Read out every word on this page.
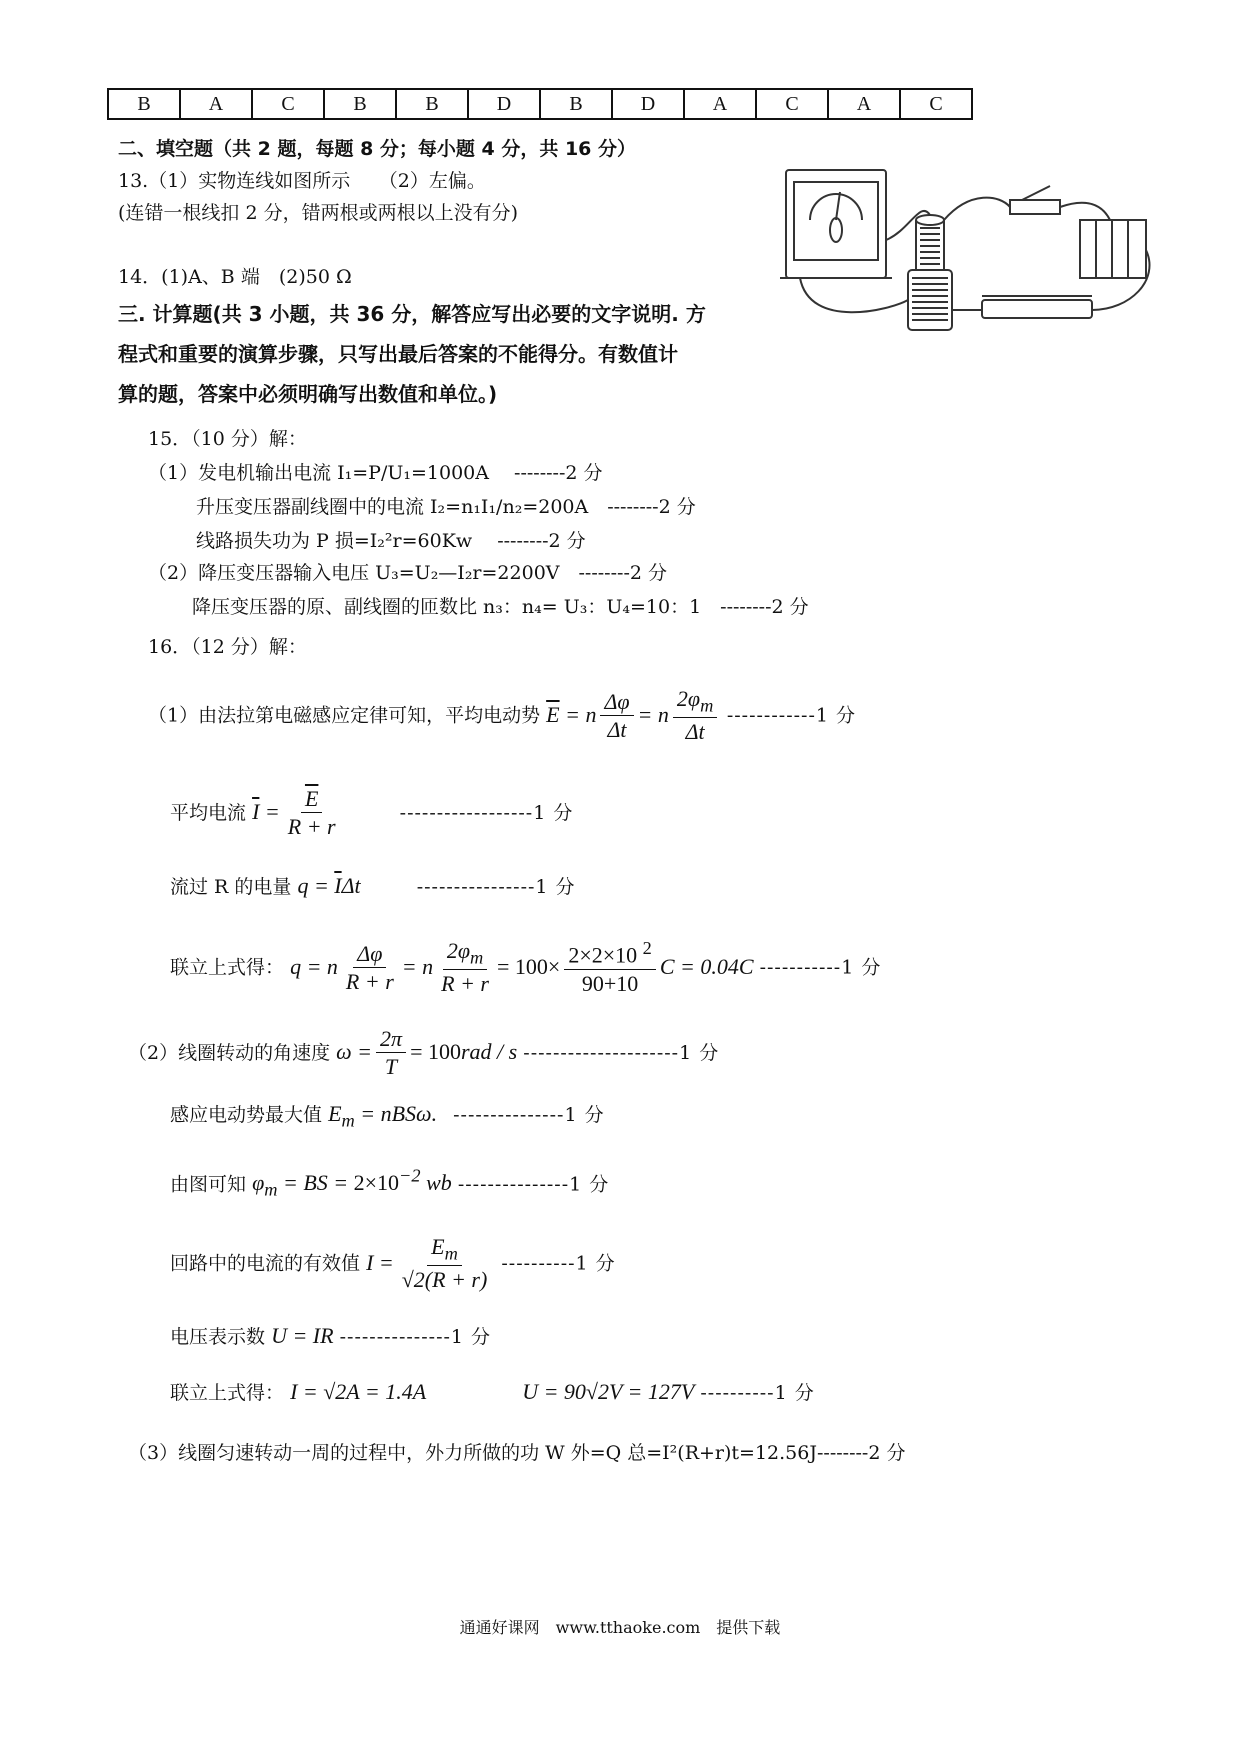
B	A	C	B	B	D	B	D	A	C	A	C
二、填空题（共 2 题，每题 8 分；每小题 4 分，共 16 分）
13.（1）实物连线如图所示　　（2）左偏。
(连错一根线扣 2 分，错两根或两根以上没有分)
14．(1)A、B 端　(2)50 Ω
三. 计算题(共 3 小题，共 36 分，解答应写出必要的文字说明. 方
程式和重要的演算步骤，只写出最后答案的不能得分。有数值计
算的题，答案中必须明确写出数值和单位。)
15．（10 分）解：
（1）发电机输出电流 I₁=P/U₁=1000A　 --------2 分
升压变压器副线圈中的电流 I₂=n₁I₁/n₂=200A　--------2 分
线路损失功为 P 损=I₂²r=60Kw　 --------2 分
（2）降压变压器输入电压 U₃=U₂—I₂r=2200V　--------2 分
降压变压器的原、副线圈的匝数比 n₃：n₄= U₃：U₄=10：1　--------2 分
16．（12 分）解：
（1）由法拉第电磁感应定律可知，平均电动势 $\overline{E} = n \frac{\Delta\varphi}{\Delta t} = n \frac{2\varphi_m}{\Delta t} ------------1$ 分
平均电流 $\overline{I} = \frac{\overline{E}}{R + r}$	------------------1 分
流过 R 的电量 $q = \overline{I}\Delta t$	----------------1 分
联立上式得： q = n $\frac{\Delta\varphi}{R + r} = n \frac{2\varphi_m}{R + r} = 100\times \frac{2\times 2\times 10 ^2}{90+10}$ C = 0.04C -----------1 分
（2）线圈转动的角速度 $\omega = \frac{2\pi}{T} = 100rad / s$ ---------------------1 分
感应电动势最大值 $E_m = nBS\omega$. ---------------1 分
由图可知 $\varphi_m$ = BS = $2\times 10^{-2}$ wb ---------------1 分
回路中的电流的有效值 $I = \frac{E_m}{√2(R + r)} ----------1$ 分
电压表示数 U = IR ---------------1 分
联立上式得： I = √2A = 1.4A	U = 90√2V = 127V ----------1 分
（3）线圈匀速转动一周的过程中，外力所做的功 W 外=Q 总=I²(R+r)t=12.56J--------2 分
通通好课网　www.tthaoke.com　提供下载
